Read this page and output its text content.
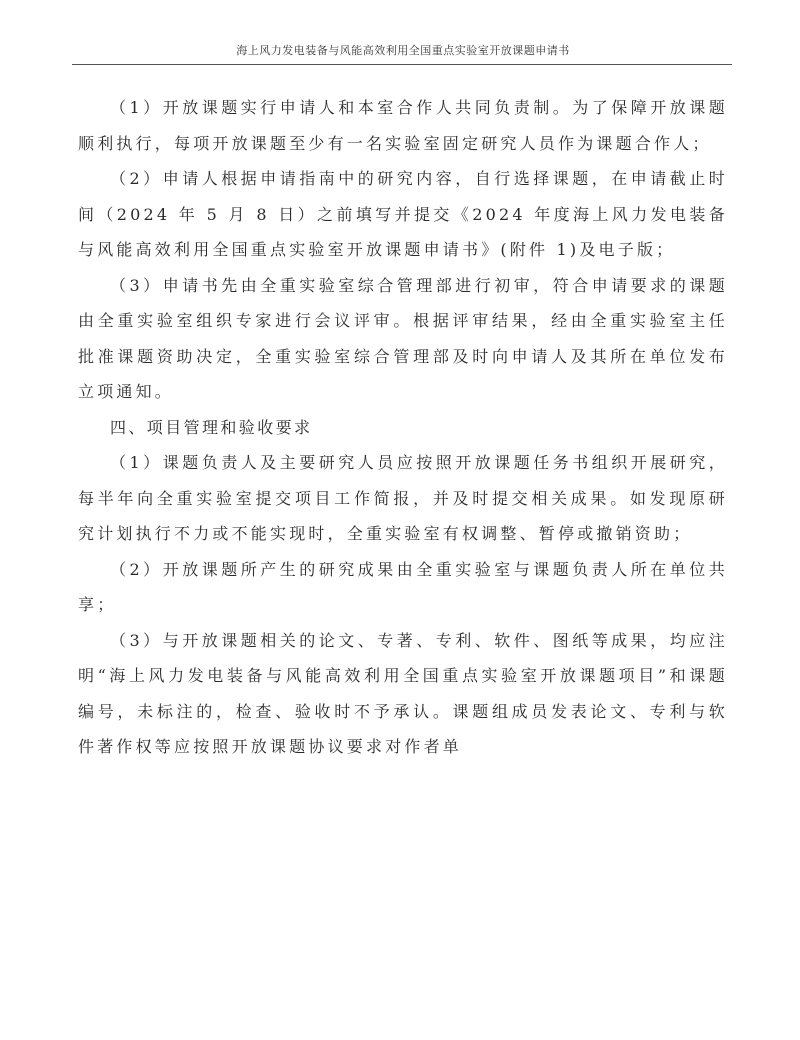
海上风力发电装备与风能高效利用全国重点实验室开放课题申请书

（1）开放课题实行申请人和本室合作人共同负责制。为了保障开放课题顺利执行，每项开放课题至少有一名实验室固定研究人员作为课题合作人；

（2）申请人根据申请指南中的研究内容，自行选择课题，在申请截止时间（2024 年 5 月 8 日）之前填写并提交《2024 年度海上风力发电装备与风能高效利用全国重点实验室开放课题申请书》(附件 1)及电子版；

（3）申请书先由全重实验室综合管理部进行初审，符合申请要求的课题由全重实验室组织专家进行会议评审。根据评审结果，经由全重实验室主任批准课题资助决定，全重实验室综合管理部及时向申请人及其所在单位发布立项通知。

四、项目管理和验收要求

（1）课题负责人及主要研究人员应按照开放课题任务书组织开展研究，每半年向全重实验室提交项目工作简报，并及时提交相关成果。如发现原研究计划执行不力或不能实现时，全重实验室有权调整、暂停或撤销资助；

（2）开放课题所产生的研究成果由全重实验室与课题负责人所在单位共享；

（3）与开放课题相关的论文、专著、专利、软件、图纸等成果，均应注明“海上风力发电装备与风能高效利用全国重点实验室开放课题项目”和课题编号，未标注的，检查、验收时不予承认。课题组成员发表论文、专利与软件著作权等应按照开放课题协议要求对作者单
